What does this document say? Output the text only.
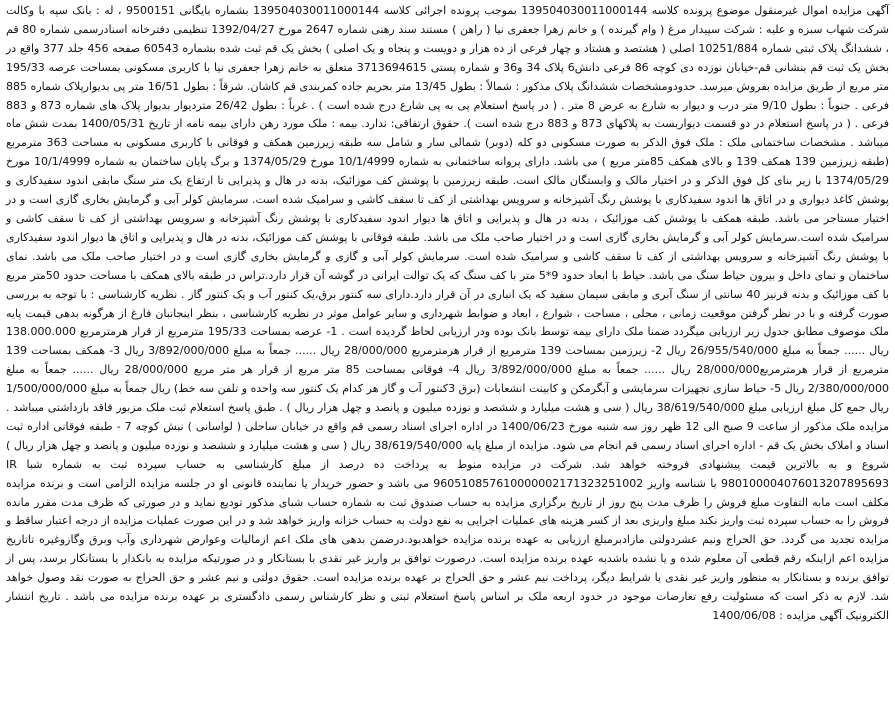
آگهی مزایده اموال غیرمنقول موضوع پرونده کلاسه 139504030011000144 بموجب پرونده اجرائی کلاسه 139504030011000144 بشماره بایگانی 9500151 ، له : بانک سپه با وکالت شرکت شهاب سبزه و علیه : شرکت سپیدار مرغ ( وام گیرنده ) و خانم زهرا جعفری نیا ( راهن ) مستند سند رهنی شماره 2647 مورخ 1392/04/27 تنظیمی دفترخانه اسنادرسمی شماره 80 قم ، ششدانگ پلاک ثبتی شماره 10251/884 اصلی ( هشتصد و هشتاد و چهار فرعی از ده هزار و دویست و پنجاه و یک اصلی ) بخش یک قم ثبت شده بشماره 60543 صفحه 456 جلد 377 واقع در بخش یک ثبت قم بنشانی قم-خیابان نوزده دی کوچه 86 فرعی دانش6 پلاک 34 و36 و شماره پستی 3713694615 متعلق به خانم زهرا جعفری نیا با کاربری مسکونی بمساحت عرصه 195/33 متر مربع از طریق مزایده بفروش میرسد. حدودومشخصات ششدانگ پلاک مذکور : شمالاً : بطول 13/45 متر بحریم جاده کمربندی قم کاشان. شرقاً : بطول 16/51 متر پی بدیوارپلاک شماره 885 فرعی . جنوباً : بطول 9/10 متر درب و دیوار به شارع به عرض 8 متر . ( در پاسخ استعلام پی به پی شارع درج شده است ) . غرباً : بطول 26/42 متردیوار بدیوار پلاک های شماره 873 و 883 فرعی . ( در پاسخ استعلام در دو قسمت دیواربست به پلاکهای 873 و 883 درج شده است ). حقوق ارتفاقی: ندارد. بیمه : ملک مورد رهن دارای بیمه نامه از تاریخ 1400/05/31 بمدت شش ماه میباشد . مشخصات ساختمانی ملک : ملک فوق الذکر به صورت مسکونی دو کله (دوبر) شمالی سار و شامل سه طبقه زیرزمین همکف و فوقانی با کاربری مسکونی به مساحت 363 مترمربع (طبقه زیرزمین 139 همکف 139 و بالای همکف 85متر مربع ) می باشد. دارای پروانه ساختمانی به شماره 10/1/4999 مورخ 1374/05/29 و برگ پایان ساختمان به شماره 10/1/4999 مورخ 1374/05/29 با زیر بنای کل فوق الذکر و در اختیار مالک و وابستگان مالک است. طبقه زیرزمین با پوشش کف موزائیک، بدنه در هال و پذیرایی تا ارتفاع یک متر سنگ مابقی اندود سفیدکاری و پوشش کاغذ دیواری و در اتاق ها اندود سفیدکاری با پوشش رنگ آشپزخانه و سرویس بهداشتی از کف تا سقف کاشی و سرامیک شده است. سرمایش کولر آبی و گرمایش بخاری گازی است و در اختیار مستاجر می باشد. طبقه همکف با پوشش کف موزائیک ، بدنه در هال و پذیرایی و اتاق ها دیوار اندود سفیدکاری با پوشش رنگ آشپزخانه و سرویس بهداشتی از کف تا سقف کاشی و سرامیک شده است.سرمایش کولر آبی و گرمایش بخاری گازی است و در اختیار صاحب ملک می باشد. طبقه فوقانی با پوشش کف موزائیک، بدنه در هال و پذیرایی و اتاق ها دیوار اندود سفیدکاری با پوشش رنگ آشپزخانه و سرویس بهداشتی از کف تا سقف کاشی و سرامیک شده است. سرمایش کولر آبی و گازی و گرمایش بخاری گازی است و در اختیار صاحب ملک می باشد. نمای ساختمان و نمای داخل و بیرون حیاط سنگ می باشد. حیاط با ابعاد حدود 9*5 متر با کف سنگ که یک توالت ایرانی در گوشه آن قرار دارد.تراس در طبقه بالای همکف با مساحت حدود 50متر مربع با کف موزائیک و بدنه قرنیز 40 سانتی از سنگ آبری و مابقی سیمان سفید که یک انباری در آن قرار دارد.دارای سه کنتور برق،یک کنتور آب و یک کنتور گاز . نظریه کارشناسی : با توجه به بررسی صورت گرفته و با در نظر گرفتن موقعیت زمانی ، محلی ، مساحت ، شوارع ، ابعاد و ضوابط شهرداری و سایر عوامل موثر در نظریه کارشناسی ، بنظر اینجانبان فارغ از هرگونه بدهی قیمت پایه ملک موصوف مطابق جدول زیر ارزیابی میگردد ضمنا ملک دارای بیمه توسط بانک بوده ودر ارزیابی لحاظ گردیده است . 1- عرصه بمساحت 195/33 مترمربع از قرار هرمترمربع 138.000.000 ریال ...... جمعاً به مبلغ 26/955/540/000 ریال 2- زیرزمین بمساحت 139 مترمربع از قرار هرمترمربع 28/000/000 ریال ...... جمعاً به مبلغ 3/892/000/000 ریال 3- همکف بمساحت 139 مترمربع از قرار هرمترمربع28/000/000 ریال ...... جمعاً به مبلغ 3/892/000/000 ریال 4- فوقانی بمساحت 85 متر مربع از قرار هر متر مربع 28/000/000 ریال ...... جمعاً به مبلغ 2/380/000/000 ریال 5- حیاط سازی تجهیزات سرمایشی و آبگرمکن و کابینت انشعابات (برق 3کنتور آب و گاز هر کدام یک کنتور سه واحده و تلفن سه خط) ریال جمعاً به مبلغ 1/500/000/000 ریال جمع کل مبلغ ارزیابی مبلغ 38/619/540/000 ریال ( سی و هشت میلیارد و ششصد و نوزده میلیون و پانصد و چهل هزار ریال ) . طبق پاسخ استعلام ثبت ملک مزبور فاقد بازداشتی میباشد . مزایده ملک مذکور از ساعت 9 صبح الی 12 ظهر روز سه شنبه مورخ 1400/06/23 در اداره اجرای اسناد رسمی قم واقع در خیابان ساحلی ( لواسانی ) نبش کوچه 7 - طبقه فوقانی اداره ثبت اسناد و املاک بخش یک قم - اداره اجرای اسناد رسمی قم انجام می شود. مزایده از مبلغ پایه 38/619/540/000 ریال ( سی و هشت میلیارد و ششصد و نوزده میلیون و پانصد و چهل هزار ریال ) شروع و به بالاترین قیمت پیشنهادی فروخته خواهد شد. شرکت در مزایده منوط به پرداخت ده درصد از مبلغ کارشناسی به حساب سپرده ثبت به شماره شبا IR 980100004076013207895693 با شناسه واریز 960510857610000002171323251002 می باشد و حضور خریدار یا نماینده قانونی او در جلسه مزایده الزامی است و برنده مزایده مکلف است مابه التفاوت مبلغ فروش را ظرف مدت پنج روز از تاریخ برگزاری مزایده به حساب صندوق ثبت به شماره حساب شبای مذکور تودیع نماید و در صورتی که ظرف مدت مقرر مانده فروش را به حساب سپرده ثبت واریز نکند مبلغ واریزی بعد از کسر هزینه های عملیات اجرایی به نفع دولت به حساب خزانه واریز خواهد شد و در این صورت عملیات مزایده از درجه اعتبار ساقط و مزایده تجدید می گردد. حق الحراج ونیم عشردولتی مازادبرمبلغ ارزیابی به عهده برنده مزایده خواهدبود.درضمن بدهی های ملک اعم ازمالیات وعوارض شهرداری وآب وبرق وگازوغیره تاتاریخ مزایده اعم ازاینکه رقم قطعی آن معلوم شده و یا نشده باشدبه عهده برنده مزایده است. درصورت توافق بر واریز غیر نقدی با بستانکار و در صورتیکه مزایده به بانکدار یا بستانکار برسد، پس از توافق برنده و بستانکار به منظور واریز غیر نقدی یا شرایط دیگر، پرداخت نیم عشر و حق الحراج بر عهده برنده مزایده است. حقوق دولتی و نیم عشر و حق الحراج به صورت نقد وصول خواهد شد. لازم به ذکر است که مسئولیت رفع تعارضات موجود در حدود اربعه ملک بر اساس پاسخ استعلام ثبتی و نظر کارشناس رسمی دادگستری بر عهده برنده مزایده می باشد . تاریخ انتشار الکترونیک آگهی مزایده : 1400/06/08
